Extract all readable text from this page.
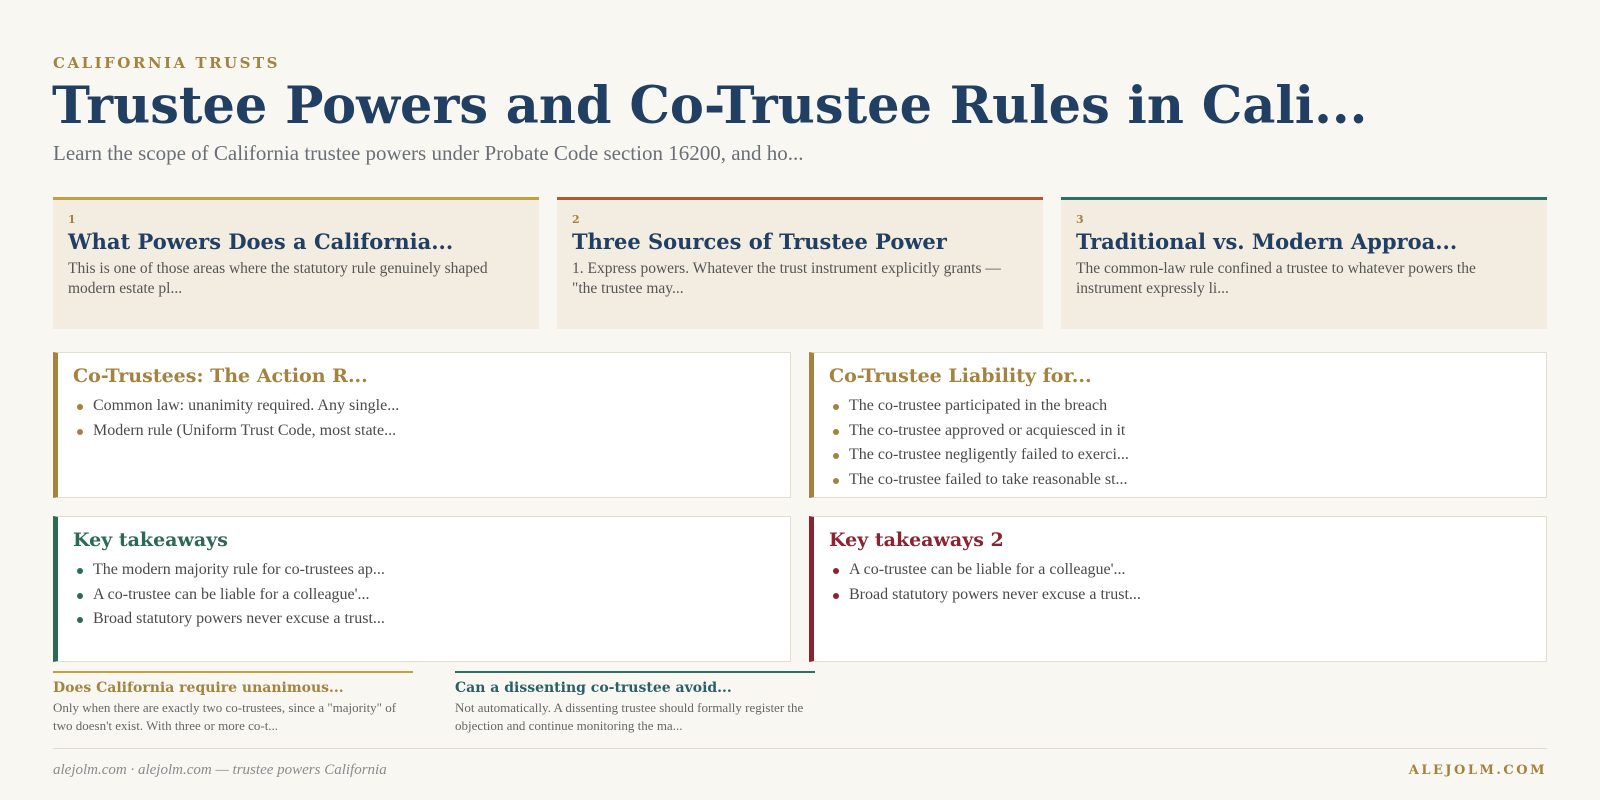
CALIFORNIA TRUSTS
Trustee Powers and Co-Trustee Rules in Cali...
Learn the scope of California trustee powers under Probate Code section 16200, and ho...
1
What Powers Does a California...
This is one of those areas where the statutory rule genuinely shaped modern estate pl...
2
Three Sources of Trustee Power
1. Express powers. Whatever the trust instrument explicitly grants — "the trustee may...
3
Traditional vs. Modern Approa...
The common-law rule confined a trustee to whatever powers the instrument expressly li...
Co-Trustees: The Action R...
Common law: unanimity required. Any single...
Modern rule (Uniform Trust Code, most state...
Co-Trustee Liability for...
The co-trustee participated in the breach
The co-trustee approved or acquiesced in it
The co-trustee negligently failed to exerci...
The co-trustee failed to take reasonable st...
Key takeaways
The modern majority rule for co-trustees ap...
A co-trustee can be liable for a colleague'...
Broad statutory powers never excuse a trust...
Key takeaways 2
A co-trustee can be liable for a colleague'...
Broad statutory powers never excuse a trust...
Does California require unanimous...
Only when there are exactly two co-trustees, since a "majority" of two doesn't exist. With three or more co-t...
Can a dissenting co-trustee avoid...
Not automatically. A dissenting trustee should formally register the objection and continue monitoring the ma...
alejolm.com · alejolm.com — trustee powers California	ALEJOLM.COM
